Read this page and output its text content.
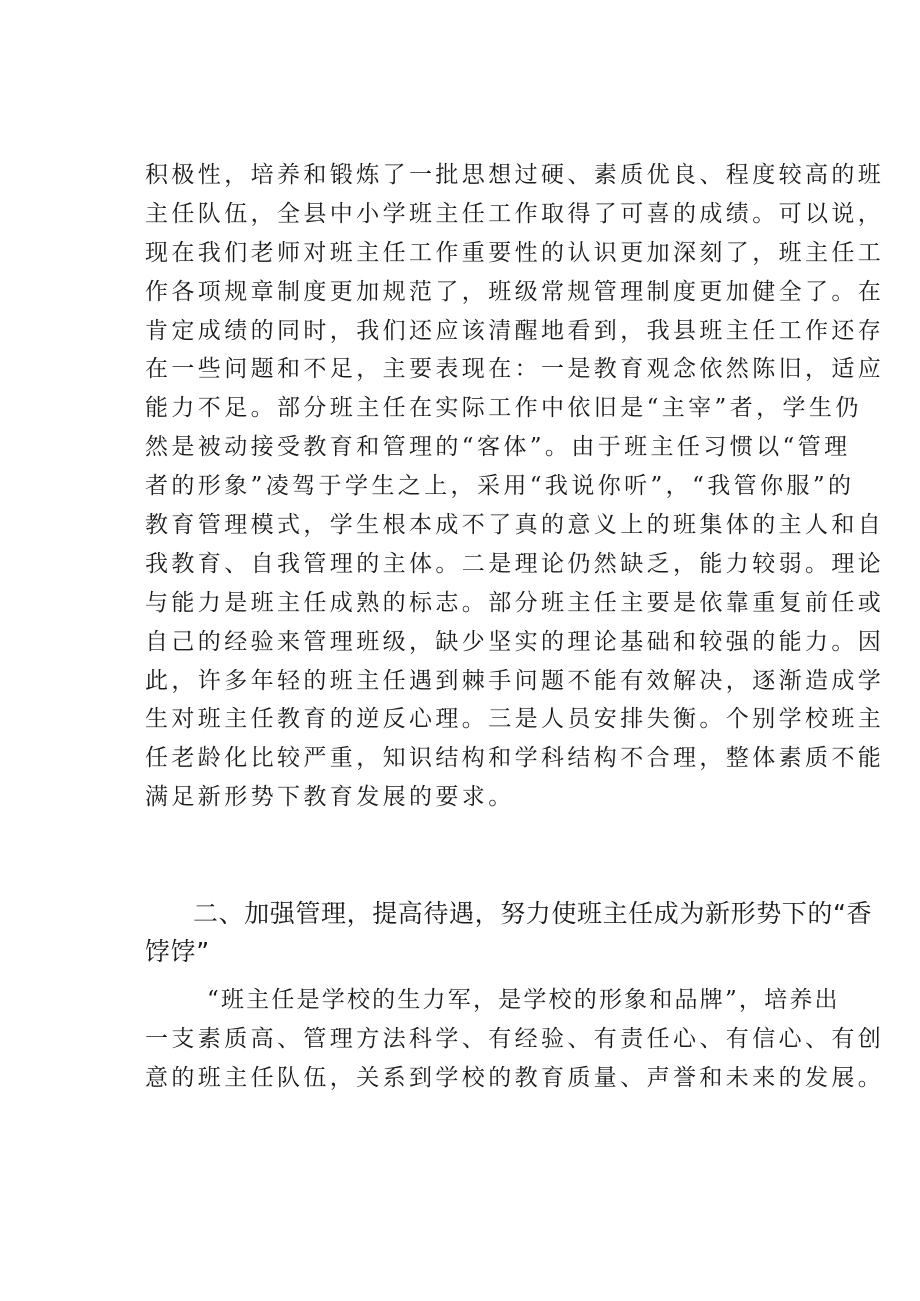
积极性，培养和锻炼了一批思想过硬、素质优良、程度较高的班
主任队伍，全县中小学班主任工作取得了可喜的成绩。可以说，
现在我们老师对班主任工作重要性的认识更加深刻了，班主任工
作各项规章制度更加规范了，班级常规管理制度更加健全了。在
肯定成绩的同时，我们还应该清醒地看到，我县班主任工作还存
在一些问题和不足，主要表现在：一是教育观念依然陈旧，适应
能力不足。部分班主任在实际工作中依旧是“主宰”者，学生仍
然是被动接受教育和管理的“客体”。由于班主任习惯以“管理
者的形象”凌驾于学生之上，采用“我说你听”，“我管你服”的
教育管理模式，学生根本成不了真的意义上的班集体的主人和自
我教育、自我管理的主体。二是理论仍然缺乏，能力较弱。理论
与能力是班主任成熟的标志。部分班主任主要是依靠重复前任或
自己的经验来管理班级，缺少坚实的理论基础和较强的能力。因
此，许多年轻的班主任遇到棘手问题不能有效解决，逐渐造成学
生对班主任教育的逆反心理。三是人员安排失衡。个别学校班主
任老龄化比较严重，知识结构和学科结构不合理，整体素质不能
满足新形势下教育发展的要求。
二、加强管理，提高待遇，努力使班主任成为新形势下的“香
饽饽”
“班主任是学校的生力军，是学校的形象和品牌”，培养出
一支素质高、管理方法科学、有经验、有责任心、有信心、有创
意的班主任队伍，关系到学校的教育质量、声誉和未来的发展。
